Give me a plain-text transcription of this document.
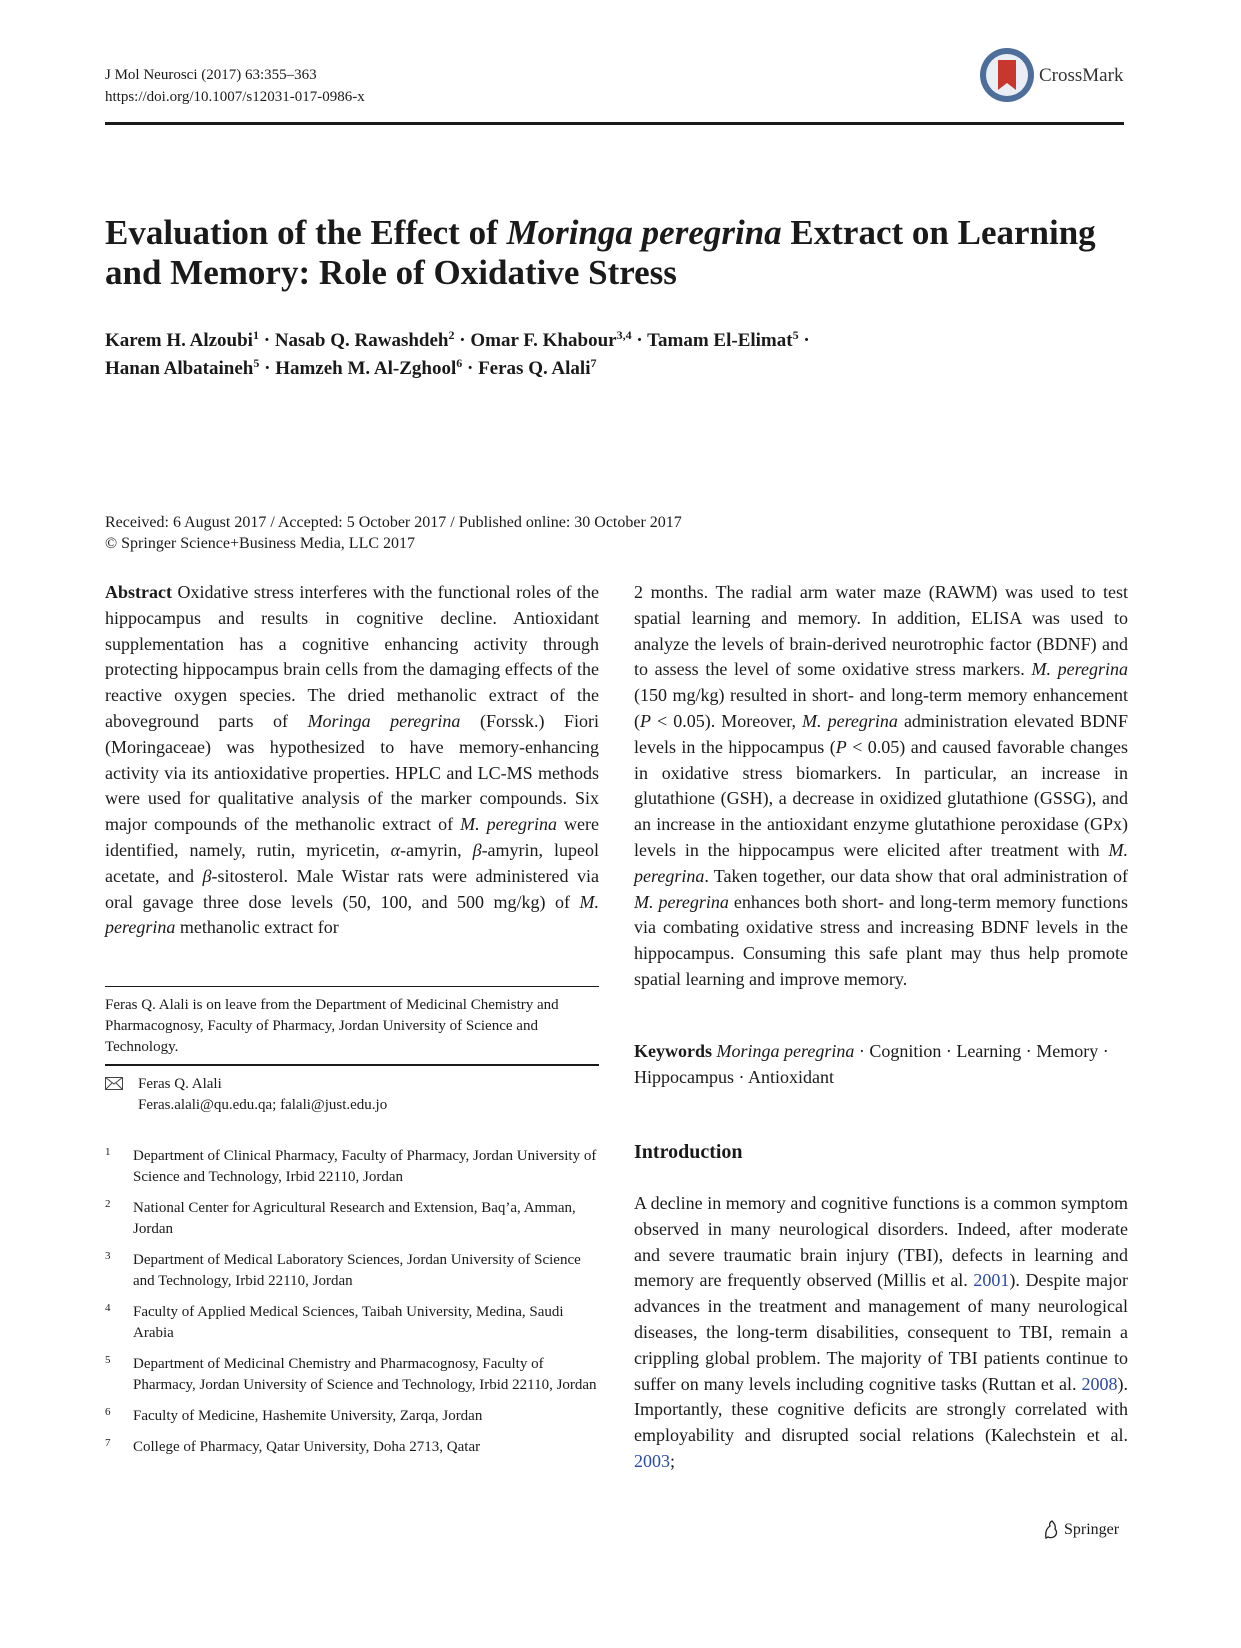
J Mol Neurosci (2017) 63:355–363
https://doi.org/10.1007/s12031-017-0986-x
CrossMark
Evaluation of the Effect of Moringa peregrina Extract on Learning and Memory: Role of Oxidative Stress
Karem H. Alzoubi$^1$ · Nasab Q. Rawashdeh$^2$ · Omar F. Khabour$^{3,4}$ · Tamam El-Elimat$^5$ ·
Hanan Albataineh$^5$ · Hamzeh M. Al-Zghool$^6$ · Feras Q. Alali$^7$
Received: 6 August 2017 / Accepted: 5 October 2017 / Published online: 30 October 2017
© Springer Science+Business Media, LLC 2017
Abstract Oxidative stress interferes with the functional roles of the hippocampus and results in cognitive decline. Antioxidant supplementation has a cognitive enhancing activity through protecting hippocampus brain cells from the damaging effects of the reactive oxygen species. The dried methanolic extract of the aboveground parts of Moringa peregrina (Forssk.) Fiori (Moringaceae) was hypothesized to have memory-enhancing activity via its antioxidative properties. HPLC and LC-MS methods were used for qualitative analysis of the marker compounds. Six major compounds of the methanolic extract of M. peregrina were identified, namely, rutin, myricetin, α-amyrin, β-amyrin, lupeol acetate, and β-sitosterol. Male Wistar rats were administered via oral gavage three dose levels (50, 100, and 500 mg/kg) of M. peregrina methanolic extract for
2 months. The radial arm water maze (RAWM) was used to test spatial learning and memory. In addition, ELISA was used to analyze the levels of brain-derived neurotrophic factor (BDNF) and to assess the level of some oxidative stress markers. M. peregrina (150 mg/kg) resulted in short- and long-term memory enhancement (P < 0.05). Moreover, M. peregrina administration elevated BDNF levels in the hippocampus (P < 0.05) and caused favorable changes in oxidative stress biomarkers. In particular, an increase in glutathione (GSH), a decrease in oxidized glutathione (GSSG), and an increase in the antioxidant enzyme glutathione peroxidase (GPx) levels in the hippocampus were elicited after treatment with M. peregrina. Taken together, our data show that oral administration of M. peregrina enhances both short- and long-term memory functions via combating oxidative stress and increasing BDNF levels in the hippocampus. Consuming this safe plant may thus help promote spatial learning and improve memory.
Feras Q. Alali is on leave from the Department of Medicinal Chemistry and Pharmacognosy, Faculty of Pharmacy, Jordan University of Science and Technology.
Feras Q. Alali
Feras.alali@qu.edu.qa; falali@just.edu.jo
1 Department of Clinical Pharmacy, Faculty of Pharmacy, Jordan University of Science and Technology, Irbid 22110, Jordan
2 National Center for Agricultural Research and Extension, Baq’a, Amman, Jordan
3 Department of Medical Laboratory Sciences, Jordan University of Science and Technology, Irbid 22110, Jordan
4 Faculty of Applied Medical Sciences, Taibah University, Medina, Saudi Arabia
5 Department of Medicinal Chemistry and Pharmacognosy, Faculty of Pharmacy, Jordan University of Science and Technology, Irbid 22110, Jordan
6 Faculty of Medicine, Hashemite University, Zarqa, Jordan
7 College of Pharmacy, Qatar University, Doha 2713, Qatar
Keywords Moringa peregrina · Cognition · Learning · Memory · Hippocampus · Antioxidant
Introduction
A decline in memory and cognitive functions is a common symptom observed in many neurological disorders. Indeed, after moderate and severe traumatic brain injury (TBI), defects in learning and memory are frequently observed (Millis et al. 2001). Despite major advances in the treatment and management of many neurological diseases, the long-term disabilities, consequent to TBI, remain a crippling global problem. The majority of TBI patients continue to suffer on many levels including cognitive tasks (Ruttan et al. 2008). Importantly, these cognitive deficits are strongly correlated with employability and disrupted social relations (Kalechstein et al. 2003;
Springer
